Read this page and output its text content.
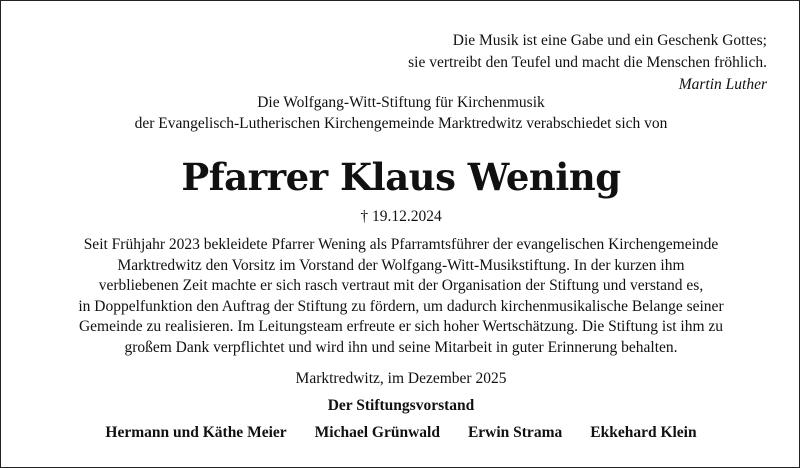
Die Musik ist eine Gabe und ein Geschenk Gottes;
sie vertreibt den Teufel und macht die Menschen fröhlich.
Martin Luther
Die Wolfgang-Witt-Stiftung für Kirchenmusik
der Evangelisch-Lutherischen Kirchengemeinde Marktredwitz verabschiedet sich von
Pfarrer Klaus Wening
† 19.12.2024
Seit Frühjahr 2023 bekleidete Pfarrer Wening als Pfarramtsführer der evangelischen Kirchengemeinde
Marktredwitz den Vorsitz im Vorstand der Wolfgang-Witt-Musikstiftung. In der kurzen ihm
verbliebenen Zeit machte er sich rasch vertraut mit der Organisation der Stiftung und verstand es,
in Doppelfunktion den Auftrag der Stiftung zu fördern, um dadurch kirchenmusikalische Belange seiner
Gemeinde zu realisieren. Im Leitungsteam erfreute er sich hoher Wertschätzung. Die Stiftung ist ihm zu
großem Dank verpflichtet und wird ihn und seine Mitarbeit in guter Erinnerung behalten.
Marktredwitz, im Dezember 2025
Der Stiftungsvorstand
Hermann und Käthe Meier Michael Grünwald Erwin Strama Ekkehard Klein
